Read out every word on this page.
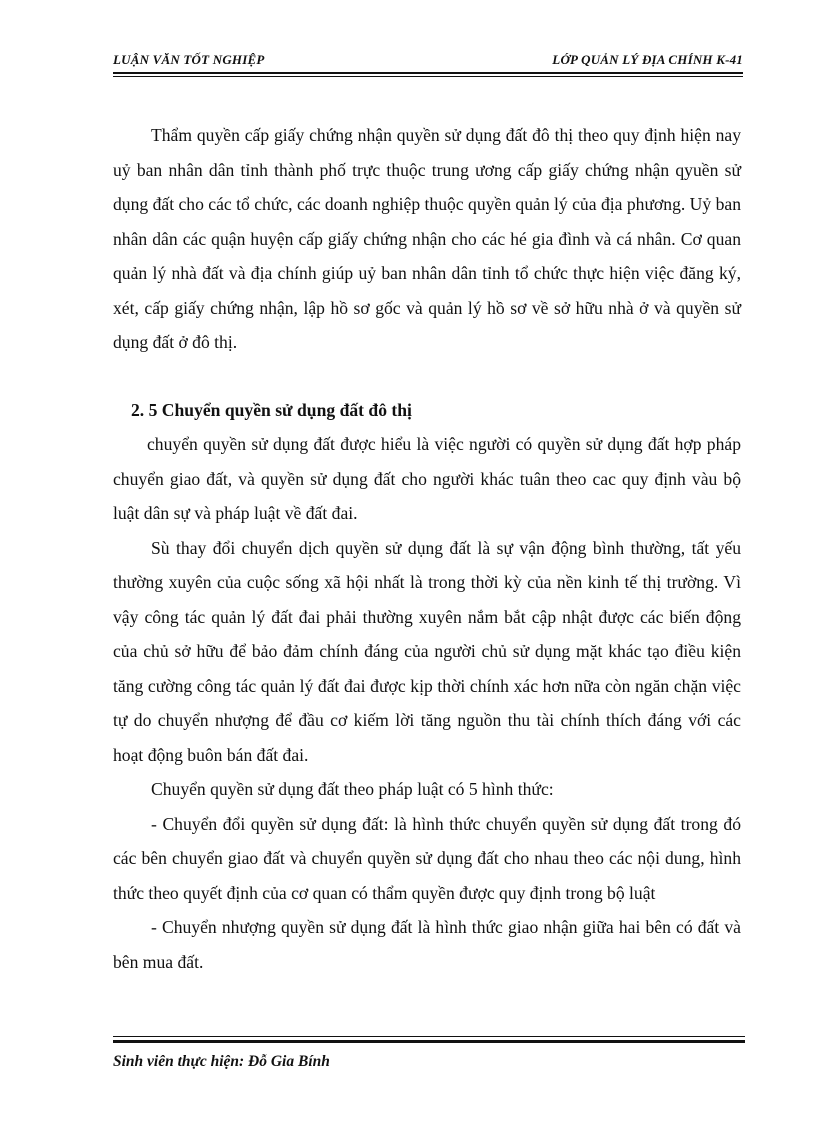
LUẬN VĂN TỐT NGHIỆP	LỚP QUẢN LÝ ĐỊA CHÍNH K-41

Thẩm quyền cấp giấy chứng nhận quyền sử dụng đất đô thị theo quy định hiện nay uỷ ban nhân dân tỉnh thành phố trực thuộc trung ương cấp giấy chứng nhận qyuền sử dụng đất cho các tổ chức, các doanh nghiệp thuộc quyền quản lý của địa phương. Uỷ ban nhân dân các quận huyện cấp giấy chứng nhận cho các hé gia đình và cá nhân. Cơ quan quản lý nhà đất và địa chính giúp uỷ ban nhân dân tỉnh tổ chức thực hiện việc đăng ký, xét, cấp giấy chứng nhận, lập hồ sơ gốc và quản lý hồ sơ về sở hữu nhà ở và quyền sử dụng đất ở đô thị.

2. 5 Chuyển quyền sử dụng đất đô thị

chuyển quyền sử dụng đất được hiểu là việc người có quyền sử dụng đất hợp pháp chuyển giao đất, và quyền sử dụng đất cho người khác tuân theo cac quy định vàu bộ luật dân sự và pháp luật về đất đai.

Sù thay đổi chuyển dịch quyền sử dụng đất là sự vận động bình thường, tất yếu thường xuyên của cuộc sống xã hội nhất là trong thời kỳ của nền kinh tế thị trường. Vì vậy công tác quản lý đất đai phải thường xuyên nắm bắt cập nhật được các biến động của chủ sở hữu để bảo đảm chính đáng của người chủ sử dụng mặt khác tạo điều kiện tăng cường công tác quản lý đất đai được kịp thời chính xác hơn nữa còn ngăn chặn việc tự do chuyển nhượng để đầu cơ kiếm lời tăng nguồn thu tài chính thích đáng với các hoạt động buôn bán đất đai.

Chuyển quyền sử dụng đất theo pháp luật có 5 hình thức:

- Chuyển đổi quyền sử dụng đất: là hình thức chuyển quyền sử dụng đất trong đó các bên chuyển giao đất và chuyển quyền sử dụng đất cho nhau theo các nội dung, hình thức theo quyết định của cơ quan có thẩm quyền được quy định trong bộ luật

- Chuyển nhượng quyền sử dụng đất là hình thức giao nhận giữa hai bên có đất và bên mua đất.

Sinh viên thực hiện: Đỗ Gia Bính
